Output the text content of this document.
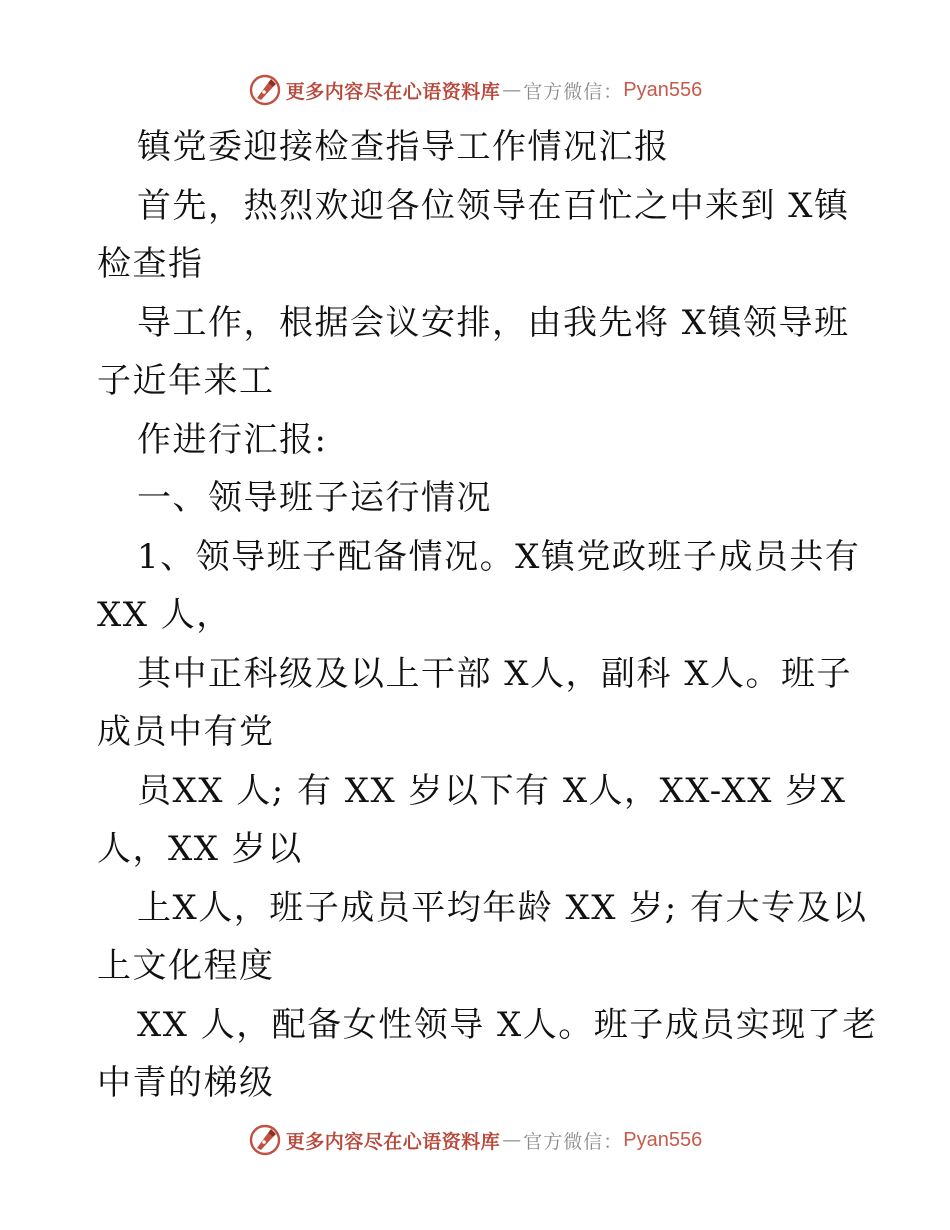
更多内容尽在心语资料库 — 官方微信： Pyan556
镇党委迎接检查指导工作情况汇报
首先，热烈欢迎各位领导在百忙之中来到 X镇
检查指
导工作，根据会议安排，由我先将 X镇领导班
子近年来工
作进行汇报:
一、领导班子运行情况
1、领导班子配备情况。X镇党政班子成员共有
XX 人，
其中正科级及以上干部 X人，副科 X人。班子
成员中有党
员XX 人; 有 XX 岁以下有 X人，XX-XX 岁X
人，XX 岁以
上X人，班子成员平均年龄 XX 岁; 有大专及以
上文化程度
XX 人，配备女性领导 X人。班子成员实现了老
中青的梯级
更多内容尽在心语资料库 — 官方微信： Pyan556
